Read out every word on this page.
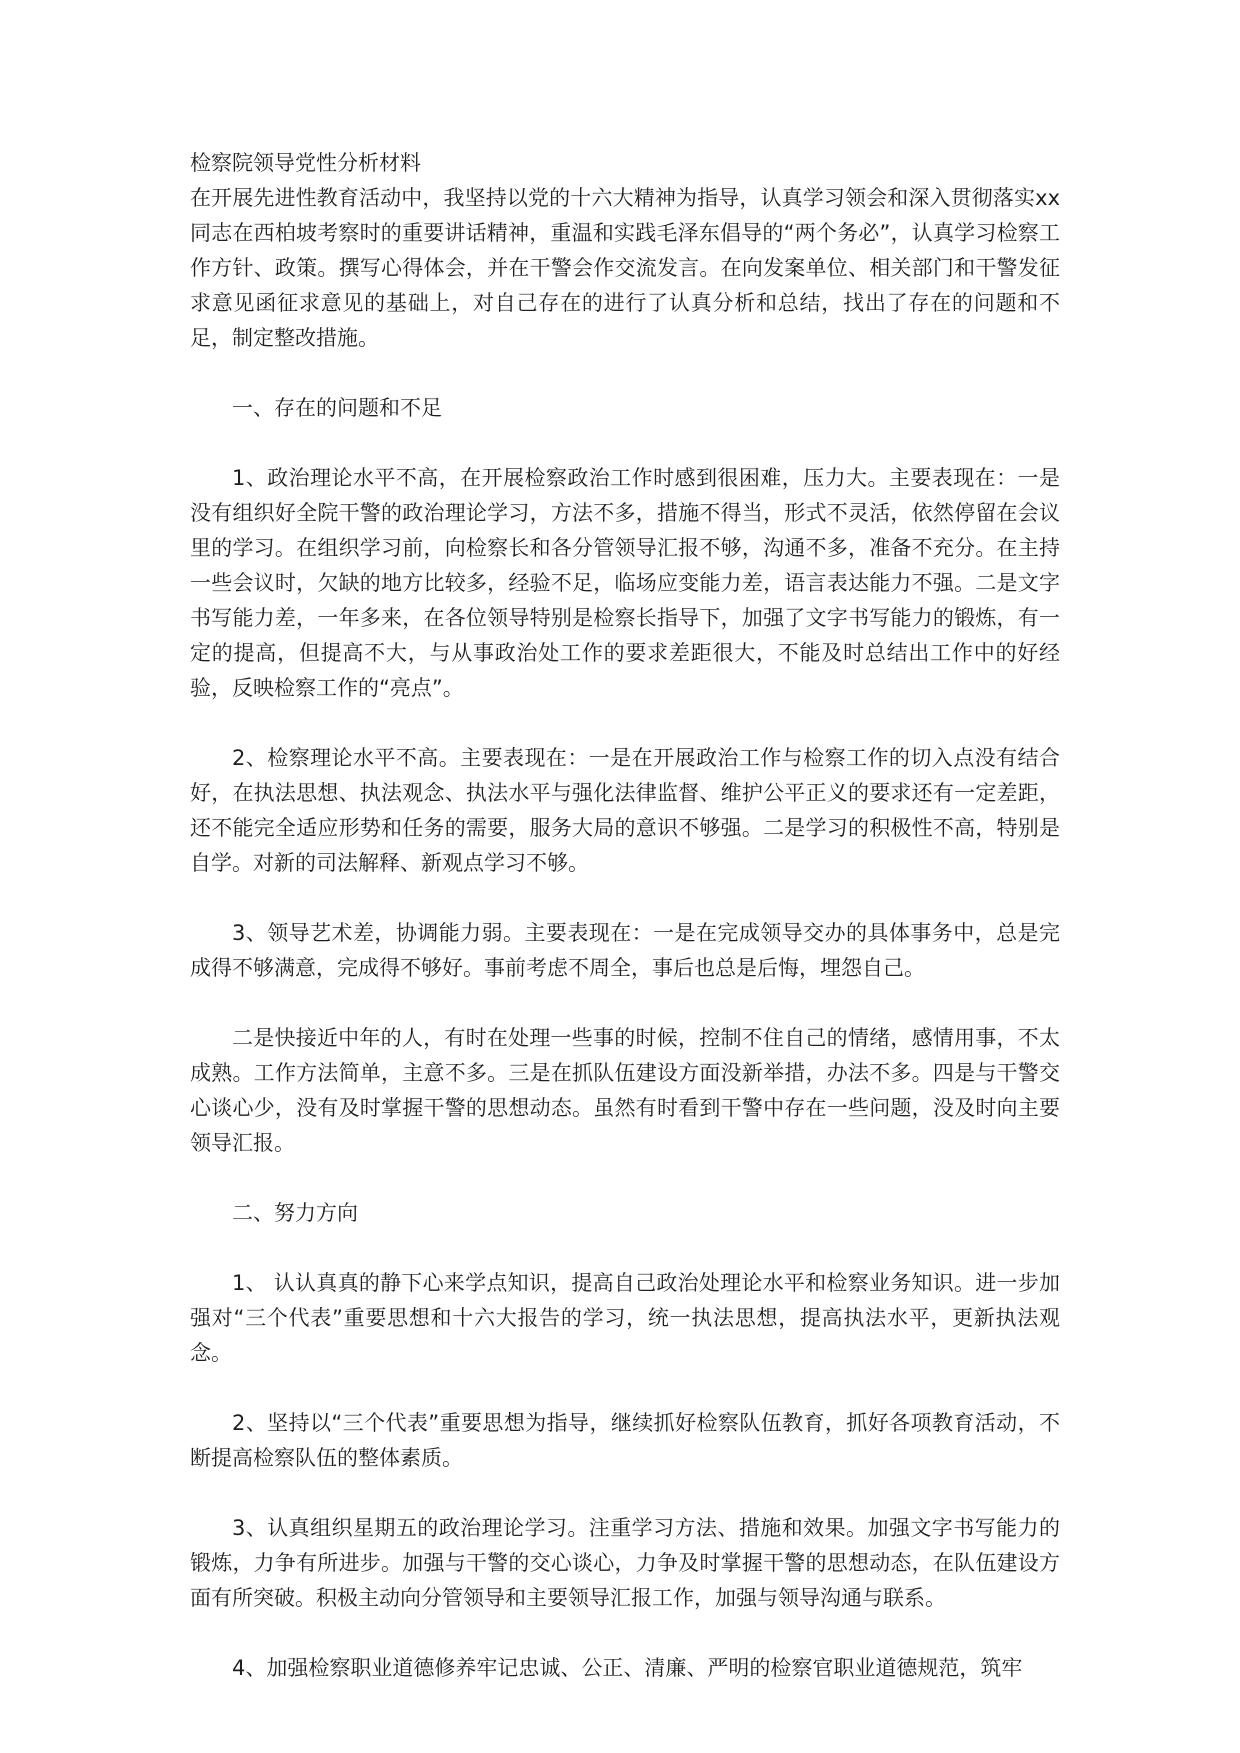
检察院领导党性分析材料

在开展先进性教育活动中，我坚持以党的十六大精神为指导，认真学习领会和深入贯彻落实xx同志在西柏坡考察时的重要讲话精神，重温和实践毛泽东倡导的“两个务必”，认真学习检察工作方针、政策。撰写心得体会，并在干警会作交流发言。在向发案单位、相关部门和干警发征求意见函征求意见的基础上，对自己存在的进行了认真分析和总结，找出了存在的问题和不足，制定整改措施。

一、存在的问题和不足

1、政治理论水平不高，在开展检察政治工作时感到很困难，压力大。主要表现在：一是没有组织好全院干警的政治理论学习，方法不多，措施不得当，形式不灵活，依然停留在会议里的学习。在组织学习前，向检察长和各分管领导汇报不够，沟通不多，准备不充分。在主持一些会议时，欠缺的地方比较多，经验不足，临场应变能力差，语言表达能力不强。二是文字书写能力差，一年多来，在各位领导特别是检察长指导下，加强了文字书写能力的锻炼，有一定的提高，但提高不大，与从事政治处工作的要求差距很大，不能及时总结出工作中的好经验，反映检察工作的“亮点”。

2、检察理论水平不高。主要表现在：一是在开展政治工作与检察工作的切入点没有结合好，在执法思想、执法观念、执法水平与强化法律监督、维护公平正义的要求还有一定差距，还不能完全适应形势和任务的需要，服务大局的意识不够强。二是学习的积极性不高，特别是自学。对新的司法解释、新观点学习不够。

3、领导艺术差，协调能力弱。主要表现在：一是在完成领导交办的具体事务中，总是完成得不够满意，完成得不够好。事前考虑不周全，事后也总是后悔，埋怨自己。

二是快接近中年的人，有时在处理一些事的时候，控制不住自己的情绪，感情用事，不太成熟。工作方法简单，主意不多。三是在抓队伍建设方面没新举措，办法不多。四是与干警交心谈心少，没有及时掌握干警的思想动态。虽然有时看到干警中存在一些问题，没及时向主要领导汇报。

二、努力方向

1、 认认真真的静下心来学点知识，提高自己政治处理论水平和检察业务知识。进一步加强对“三个代表”重要思想和十六大报告的学习，统一执法思想，提高执法水平，更新执法观念。

2、坚持以“三个代表”重要思想为指导，继续抓好检察队伍教育，抓好各项教育活动，不断提高检察队伍的整体素质。

3、认真组织星期五的政治理论学习。注重学习方法、措施和效果。加强文字书写能力的锻炼，力争有所进步。加强与干警的交心谈心，力争及时掌握干警的思想动态，在队伍建设方面有所突破。积极主动向分管领导和主要领导汇报工作，加强与领导沟通与联系。

4、加强检察职业道德修养牢记忠诚、公正、清廉、严明的检察官职业道德规范，筑牢
